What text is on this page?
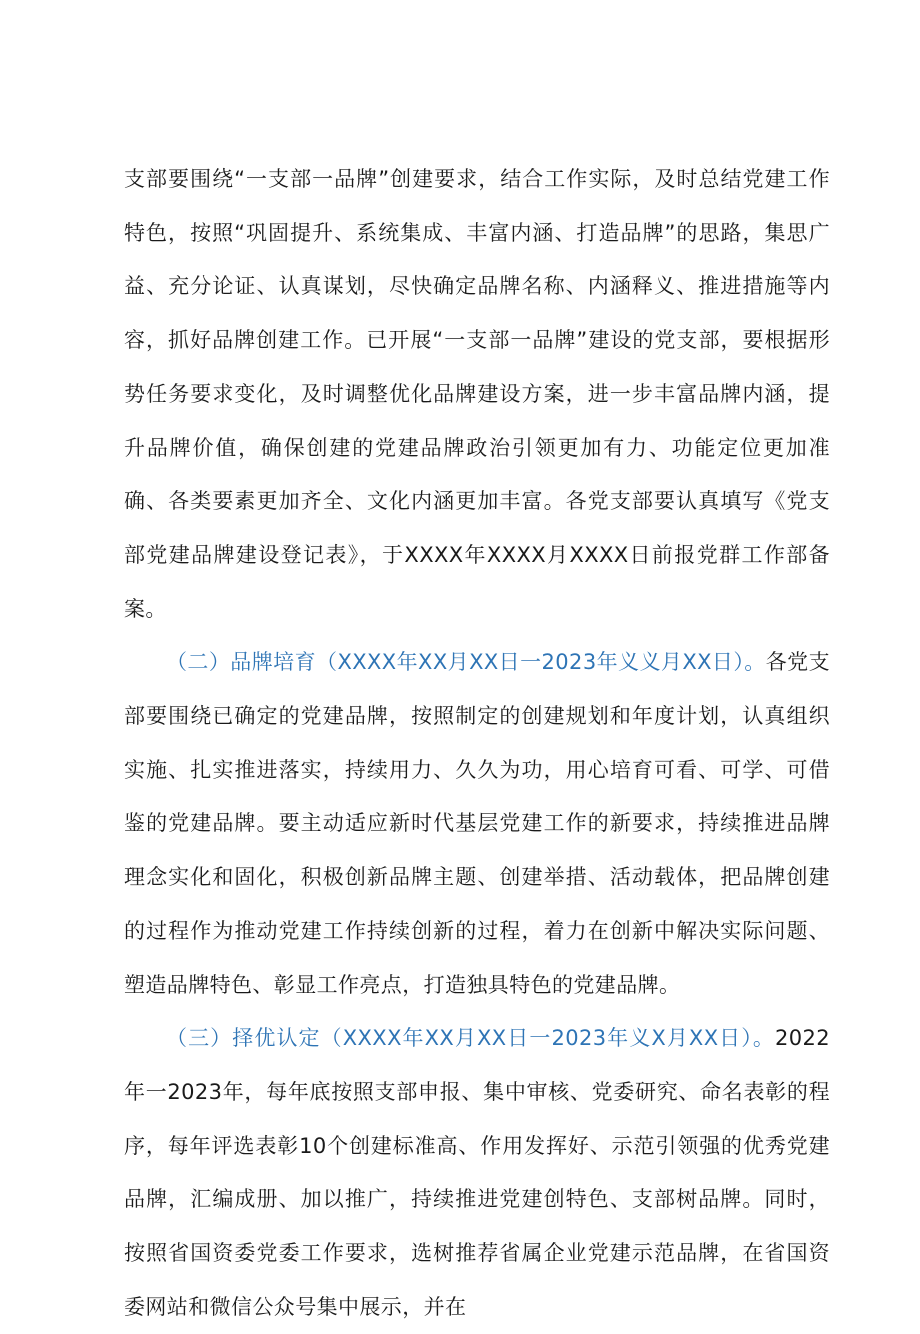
支部要围绕“一支部一品牌”创建要求，结合工作实际，及时总结党建工作特色，按照“巩固提升、系统集成、丰富内涵、打造品牌”的思路，集思广益、充分论证、认真谋划，尽快确定品牌名称、内涵释义、推进措施等内容，抓好品牌创建工作。已开展“一支部一品牌”建设的党支部，要根据形势任务要求变化，及时调整优化品牌建设方案，进一步丰富品牌内涵，提升品牌价值，确保创建的党建品牌政治引领更加有力、功能定位更加准确、各类要素更加齐全、文化内涵更加丰富。各党支部要认真填写《党支部党建品牌建设登记表》，于XXXX年XXXX月XXXX日前报党群工作部备案。

（二）品牌培育（XXXX年XX月XX日一2023年义义月XX日）。各党支部要围绕已确定的党建品牌，按照制定的创建规划和年度计划，认真组织实施、扎实推进落实，持续用力、久久为功，用心培育可看、可学、可借鉴的党建品牌。要主动适应新时代基层党建工作的新要求，持续推进品牌理念实化和固化，积极创新品牌主题、创建举措、活动载体，把品牌创建的过程作为推动党建工作持续创新的过程，着力在创新中解决实际问题、塑造品牌特色、彰显工作亮点，打造独具特色的党建品牌。

（三）择优认定（XXXX年XX月XX日一2023年义X月XX日）。2022年一2023年，每年底按照支部申报、集中审核、党委研究、命名表彰的程序，每年评选表彰10个创建标准高、作用发挥好、示范引领强的优秀党建品牌，汇编成册、加以推广，持续推进党建创特色、支部树品牌。同时，按照省国资委党委工作要求，选树推荐省属企业党建示范品牌，在省国资委网站和微信公众号集中展示，并在
